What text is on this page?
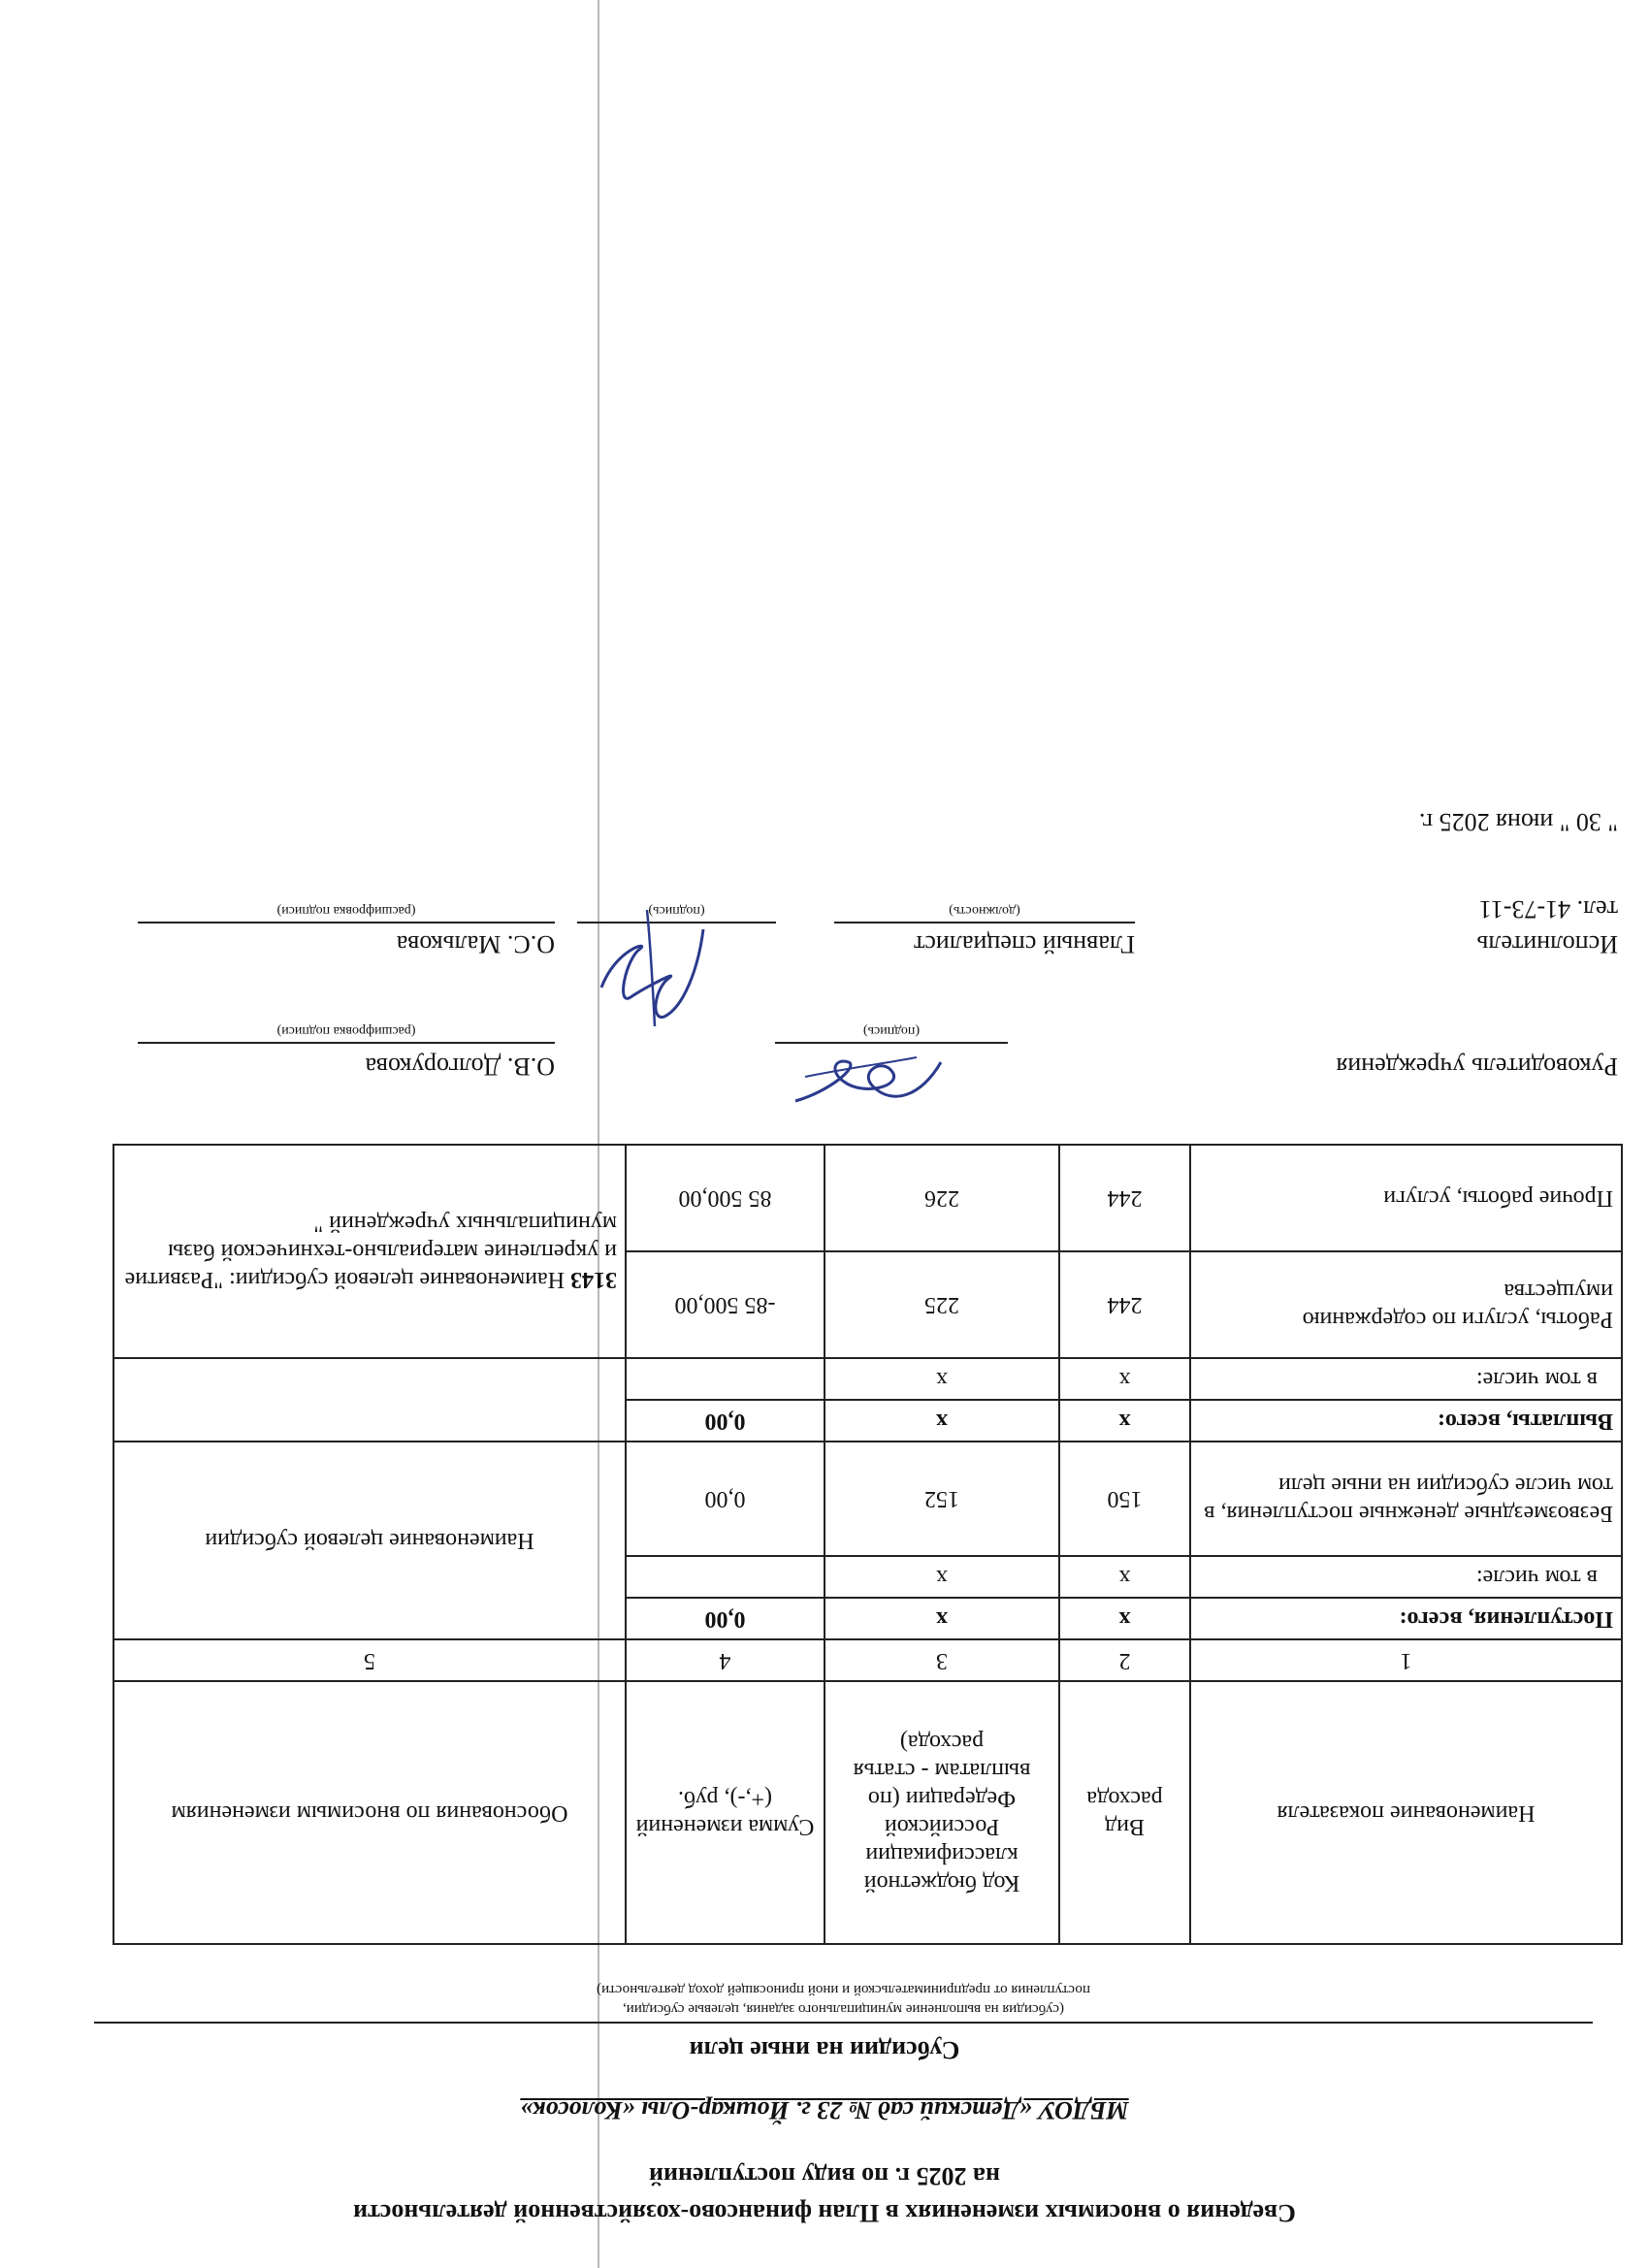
Сведения о вносимых изменениях в План финансово-хозяйственной деятельности
на 2025 г. по виду поступлений
МБДОУ «Детский сад № 23 г. Йошкар-Олы «Колосок»
Субсидии на иные цели
(субсидия на выполнение муниципального задания, целевые субсидии,
поступления от предпринимательской и иной приносящей доход деятельности)
Наименование показателя	Вид расхода	Код бюджетной классификации Российской Федерации (по выплатам - статья расхода)	Сумма изменений (+,-), руб.	Обоснования по вносимым изменениям
1	2	3	4	5
Поступления, всего:	х	х	0,00	Наименование целевой субсидии
в том числе:	х	х		
Безвозмездные денежные поступления, в том числе субсидии на иные цели	150	152	0,00	
Выплаты, всего:	х	х	0,00	
в том числе:	х	х		
Работы, услуги по содержанию имущества	244	225	-85 500,00	3143 Наименование целевой субсидии: "Развитие и укрепление материально-технической базы муниципальных учреждений "
Прочие работы, услуги	244	226	85 500,00	
Руководитель учреждения
(подпись)
О.В. Долгорукова
(расшифровка подписи)
Исполнитель
Главный специалист
(должность)
(подпись)
О.С. Малькова
(расшифровка подписи)	тел. 41-73-11
" 30 " июня 2025 г.
